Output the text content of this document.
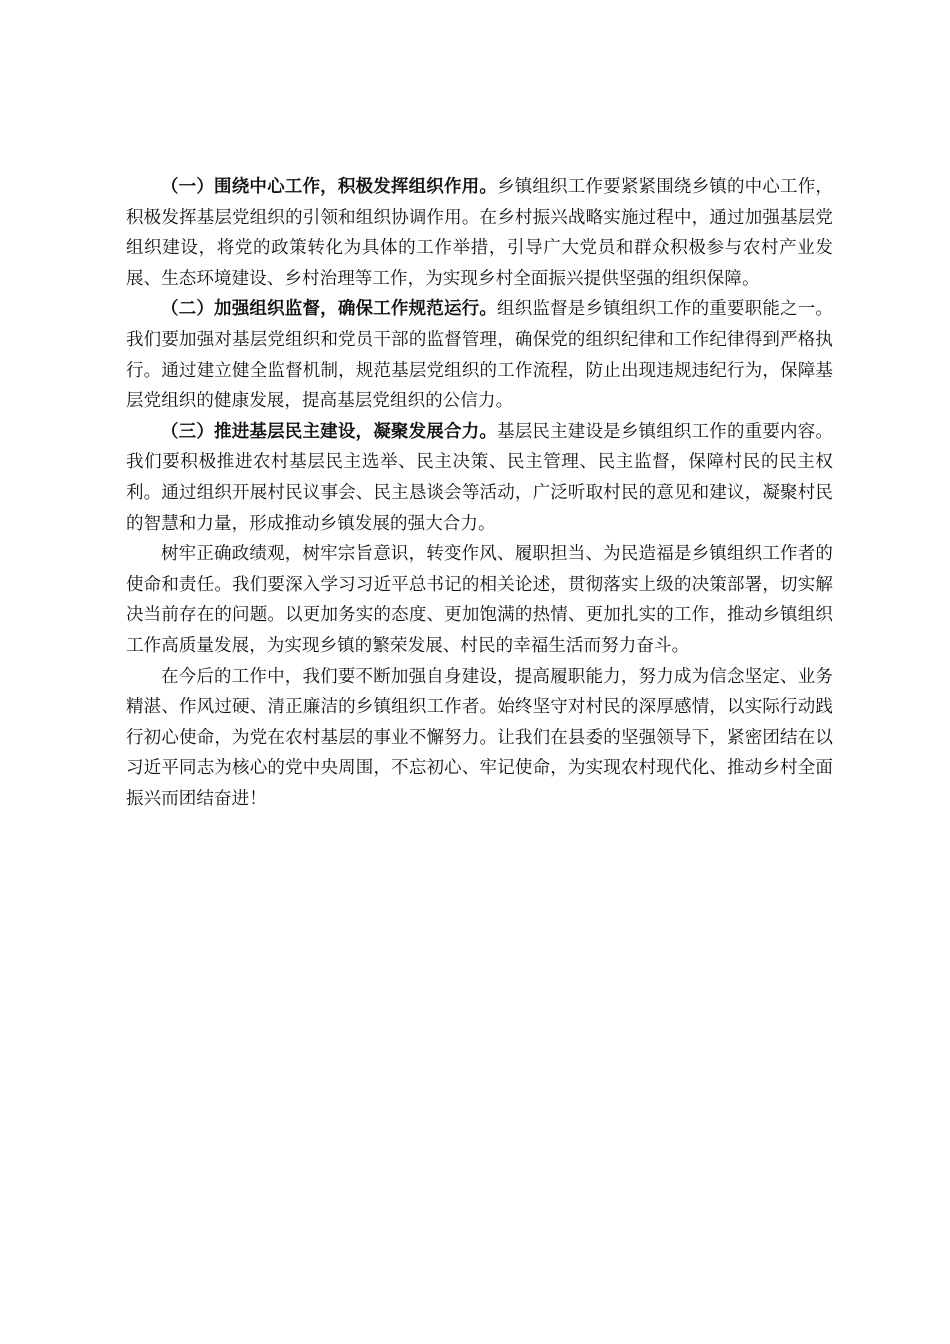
（一）围绕中心工作，积极发挥组织作用。乡镇组织工作要紧紧围绕乡镇的中心工作，积极发挥基层党组织的引领和组织协调作用。在乡村振兴战略实施过程中，通过加强基层党组织建设，将党的政策转化为具体的工作举措，引导广大党员和群众积极参与农村产业发展、生态环境建设、乡村治理等工作，为实现乡村全面振兴提供坚强的组织保障。

（二）加强组织监督，确保工作规范运行。组织监督是乡镇组织工作的重要职能之一。我们要加强对基层党组织和党员干部的监督管理，确保党的组织纪律和工作纪律得到严格执行。通过建立健全监督机制，规范基层党组织的工作流程，防止出现违规违纪行为，保障基层党组织的健康发展，提高基层党组织的公信力。

（三）推进基层民主建设，凝聚发展合力。基层民主建设是乡镇组织工作的重要内容。我们要积极推进农村基层民主选举、民主决策、民主管理、民主监督，保障村民的民主权利。通过组织开展村民议事会、民主恳谈会等活动，广泛听取村民的意见和建议，凝聚村民的智慧和力量，形成推动乡镇发展的强大合力。

树牢正确政绩观，树牢宗旨意识，转变作风、履职担当、为民造福是乡镇组织工作者的使命和责任。我们要深入学习习近平总书记的相关论述，贯彻落实上级的决策部署，切实解决当前存在的问题。以更加务实的态度、更加饱满的热情、更加扎实的工作，推动乡镇组织工作高质量发展，为实现乡镇的繁荣发展、村民的幸福生活而努力奋斗。

在今后的工作中，我们要不断加强自身建设，提高履职能力，努力成为信念坚定、业务精湛、作风过硬、清正廉洁的乡镇组织工作者。始终坚守对村民的深厚感情，以实际行动践行初心使命，为党在农村基层的事业不懈努力。让我们在县委的坚强领导下，紧密团结在以习近平同志为核心的党中央周围，不忘初心、牢记使命，为实现农村现代化、推动乡村全面振兴而团结奋进！
